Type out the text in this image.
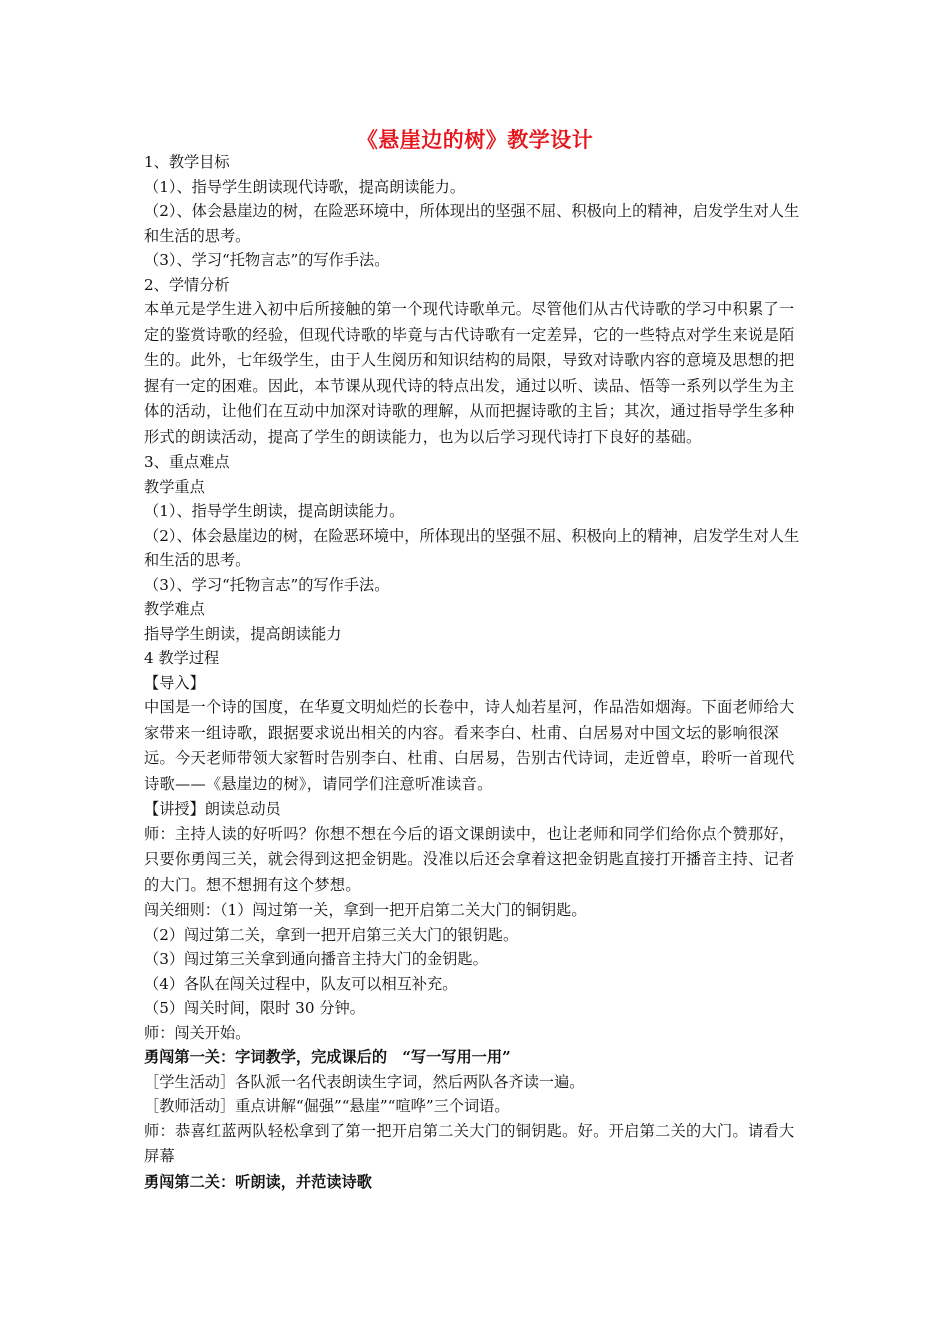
《悬崖边的树》教学设计

1、教学目标

（1）、指导学生朗读现代诗歌，提高朗读能力。

（2）、体会悬崖边的树，在险恶环境中，所体现出的坚强不屈、积极向上的精神，启发学生对人生和生活的思考。

（3）、学习“托物言志”的写作手法。

2、学情分析

本单元是学生进入初中后所接触的第一个现代诗歌单元。尽管他们从古代诗歌的学习中积累了一定的鉴赏诗歌的经验，但现代诗歌的毕竟与古代诗歌有一定差异，它的一些特点对学生来说是陌生的。此外，七年级学生，由于人生阅历和知识结构的局限，导致对诗歌内容的意境及思想的把握有一定的困难。因此，本节课从现代诗的特点出发，通过以听、读品、悟等一系列以学生为主体的活动，让他们在互动中加深对诗歌的理解，从而把握诗歌的主旨；其次，通过指导学生多种形式的朗读活动，提高了学生的朗读能力，也为以后学习现代诗打下良好的基础。

3、重点难点

教学重点

（1）、指导学生朗读，提高朗读能力。

（2）、体会悬崖边的树，在险恶环境中，所体现出的坚强不屈、积极向上的精神，启发学生对人生和生活的思考。

（3）、学习“托物言志”的写作手法。

教学难点

指导学生朗读，提高朗读能力

4 教学过程

【导入】

中国是一个诗的国度，在华夏文明灿烂的长卷中，诗人灿若星河，作品浩如烟海。下面老师给大家带来一组诗歌，跟据要求说出相关的内容。看来李白、杜甫、白居易对中国文坛的影响很深远。今天老师带领大家暂时告别李白、杜甫、白居易，告别古代诗词，走近曾卓，聆听一首现代诗歌——《悬崖边的树》，请同学们注意听准读音。

【讲授】朗读总动员

师：主持人读的好听吗？你想不想在今后的语文课朗读中，也让老师和同学们给你点个赞那好，只要你勇闯三关，就会得到这把金钥匙。没准以后还会拿着这把金钥匙直接打开播音主持、记者的大门。想不想拥有这个梦想。

闯关细则：（1）闯过第一关，拿到一把开启第二关大门的铜钥匙。

（2）闯过第二关，拿到一把开启第三关大门的银钥匙。

（3）闯过第三关拿到通向播音主持大门的金钥匙。

（4）各队在闯关过程中，队友可以相互补充。

（5）闯关时间，限时 30 分钟。

师：闯关开始。

勇闯第一关：字词教学，完成课后的　“写一写用一用”

［学生活动］各队派一名代表朗读生字词，然后两队各齐读一遍。

［教师活动］重点讲解“倔强”“悬崖”“喧哗”三个词语。

师：恭喜红蓝两队轻松拿到了第一把开启第二关大门的铜钥匙。好。开启第二关的大门。请看大屏幕

勇闯第二关：听朗读，并范读诗歌
